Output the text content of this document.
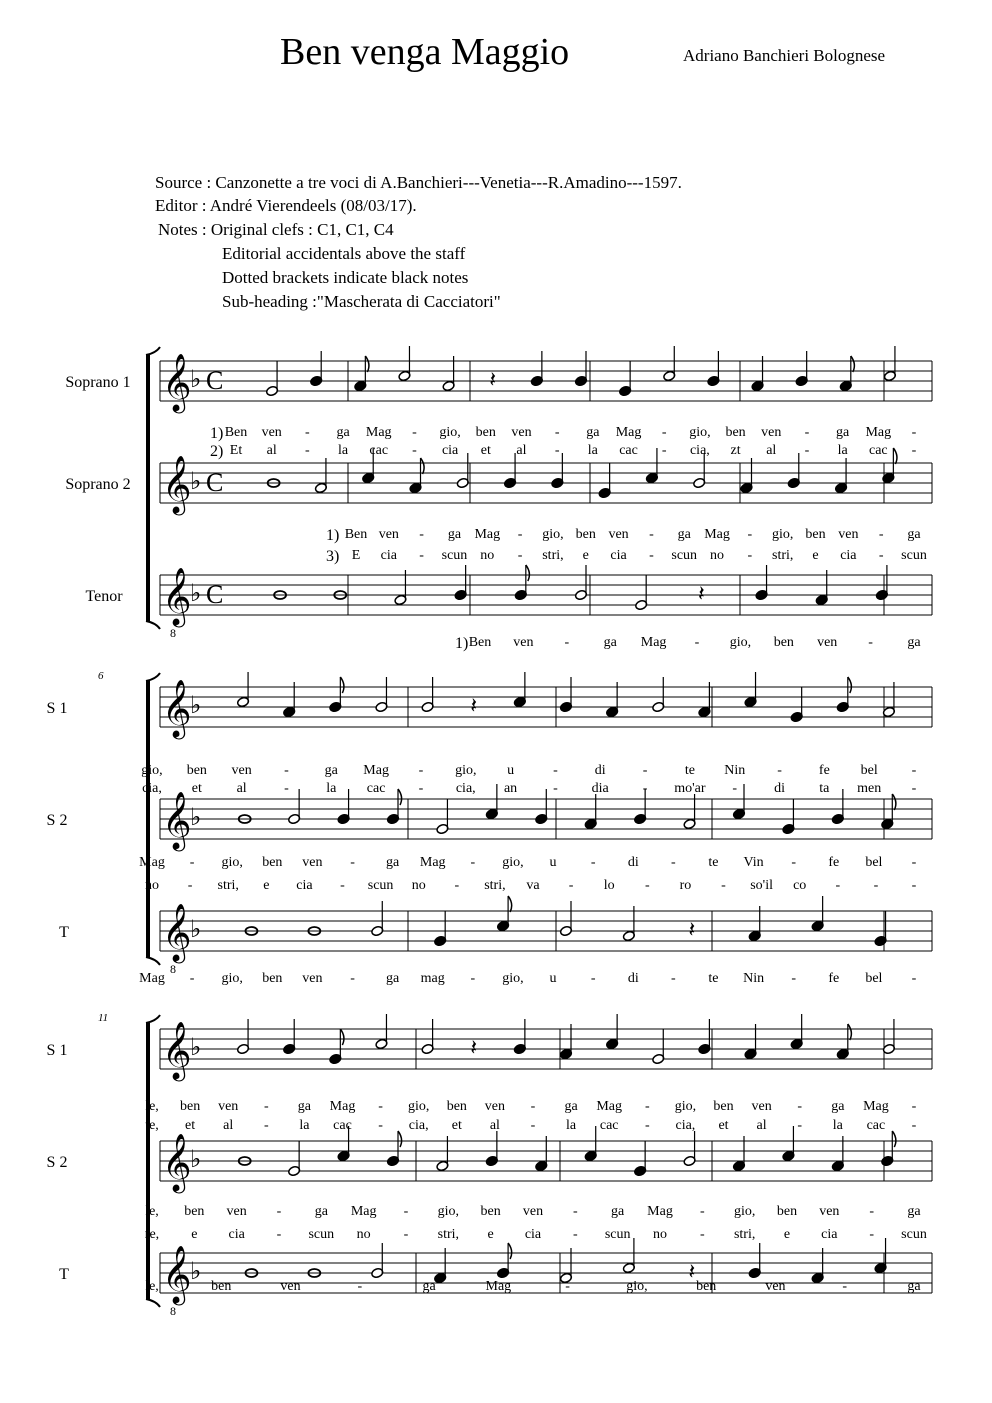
Ben venga Maggio	Adriano Banchieri Bolognese
Source : Canzonette a tre voci di A.Banchieri---Venetia---R.Amadino---1597.
Editor : André Vierendeels (08/03/17).
Notes : Original clefs : C1, C1, C4
Editorial accidentals above the staff
Dotted brackets indicate black notes
Sub-heading :"Mascherata di Cacciatori"
𝄞
♭ C
Soprano 1	𝄽
1)
2)
Ben ven - ga Mag - gio, ben ven - ga Mag - gio, ben ven - ga Mag -
Et al - la cac - cia et al - la cac - cia, zt al - la cac -
𝄞
♭ C
Soprano 2
1)
3)
Ben ven - ga Mag - gio, ben ven - ga Mag - gio, ben ven - ga
E cia - scun no - stri, e cia - scun no - stri, e cia - scun
𝄞
8
♭ C
Tenor	𝄽
1) Ben ven - ga Mag - gio, ben ven - ga
6
𝄞
♭
S 1	𝄽
gio, ben ven -	ga Mag - gio, u	-	di	-	te Nin -	fe bel -
cia, et al	-	la cac - cia, an	- dia - mo'ar -	di ta men -
𝄞
♭
S 2
Mag - gio, ben ven - ga Mag - gio, u - di - te Vin - fe bel -
no - stri, e cia - scun no - stri, va - lo - ro - so'il co - - -
𝄞
8
♭
T	𝄽
Mag - gio, ben ven - ga mag - gio, u - di - te Nin - fe bel -
11
𝄞
♭
S 1	𝄽
le, ben ven - ga Mag - gio, ben ven - ga Mag - gio, ben ven - ga Mag -
te, et al - la cac - cia, et al - la cac - cia, et al - la cac -
𝄞
♭
S 2
le, ben ven - ga Mag - gio, ben ven - ga Mag - gio, ben ven - ga
re, e cia - scun no - stri, e cia - scun no - stri, e cia - scun
𝄞
8
♭
T	𝄽
le,	ben	ven	-	ga	Mag	-	gio,	ben	ven	-	ga
